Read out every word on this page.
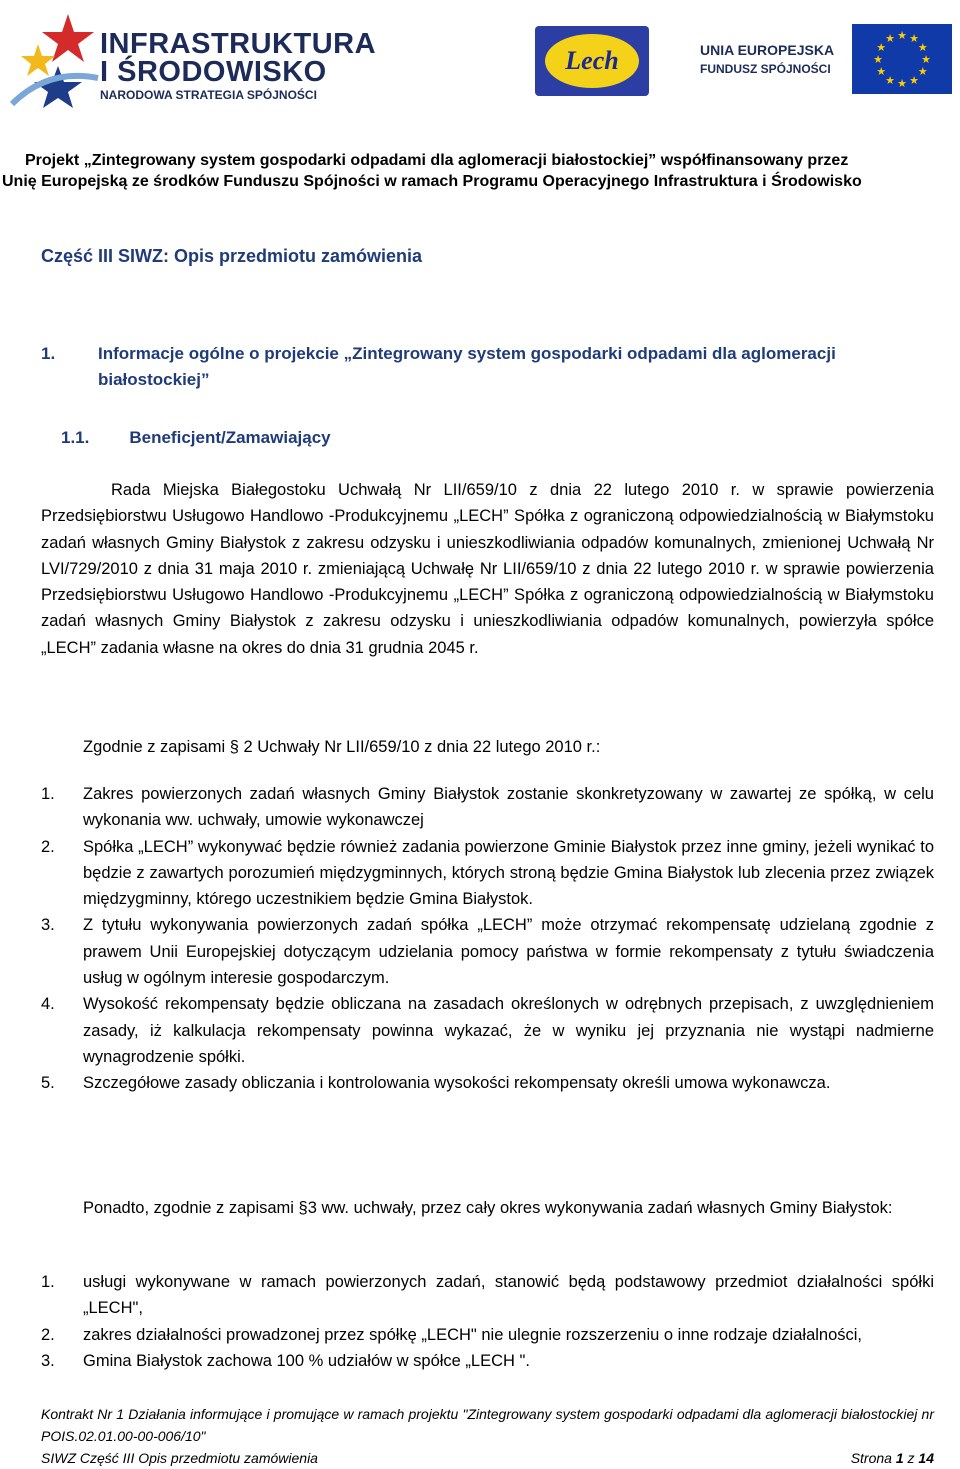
INFRASTRUKTURA
I ŚRODOWISKO
NARODOWA STRATEGIA SPÓJNOŚCI
Lech	UNIA EUROPEJSKA
FUNDUSZ SPÓJNOŚCI
★
★
★
★
★
★
★
★
★ ★ ★
★
Projekt „Zintegrowany system gospodarki odpadami dla aglomeracji białostockiej” współfinansowany przez
Unię Europejską ze środków Funduszu Spójności w ramach Programu Operacyjnego Infrastruktura i Środowisko
Część III SIWZ: Opis przedmiotu zamówienia
1.	Informacje ogólne o projekcie „Zintegrowany system gospodarki odpadami dla aglomeracji białostockiej”
1.1. Beneficjent/Zamawiający
Rada Miejska Białegostoku Uchwałą Nr LII/659/10 z dnia 22 lutego 2010 r. w sprawie powierzenia Przedsiębiorstwu Usługowo Handlowo -Produkcyjnemu „LECH” Spółka z ograniczoną odpowiedzialnością w Białymstoku zadań własnych Gminy Białystok z zakresu odzysku i unieszkodliwiania odpadów komunalnych, zmienionej Uchwałą Nr LVI/729/2010 z dnia 31 maja 2010 r. zmieniającą Uchwałę Nr LII/659/10 z dnia 22 lutego 2010 r. w sprawie powierzenia Przedsiębiorstwu Usługowo Handlowo -Produkcyjnemu „LECH” Spółka z ograniczoną odpowiedzialnością w Białymstoku zadań własnych Gminy Białystok z zakresu odzysku i unieszkodliwiania odpadów komunalnych, powierzyła spółce „LECH” zadania własne na okres do dnia 31 grudnia 2045 r.
Zgodnie z zapisami § 2 Uchwały Nr LII/659/10 z dnia 22 lutego 2010 r.:
1. Zakres powierzonych zadań własnych Gminy Białystok zostanie skonkretyzowany w zawartej ze spółką, w celu wykonania ww. uchwały, umowie wykonawczej
2. Spółka „LECH” wykonywać będzie również zadania powierzone Gminie Białystok przez inne gminy, jeżeli wynikać to będzie z zawartych porozumień międzygminnych, których stroną będzie Gmina Białystok lub zlecenia przez związek międzygminny, którego uczestnikiem będzie Gmina Białystok.
3. Z tytułu wykonywania powierzonych zadań spółka „LECH” może otrzymać rekompensatę udzielaną zgodnie z prawem Unii Europejskiej dotyczącym udzielania pomocy państwa w formie rekompensaty z tytułu świadczenia usług w ogólnym interesie gospodarczym.
4. Wysokość rekompensaty będzie obliczana na zasadach określonych w odrębnych przepisach, z uwzględnieniem zasady, iż kalkulacja rekompensaty powinna wykazać, że w wyniku jej przyznania nie wystąpi nadmierne wynagrodzenie spółki.
5. Szczegółowe zasady obliczania i kontrolowania wysokości rekompensaty określi umowa wykonawcza.
Ponadto, zgodnie z zapisami §3 ww. uchwały, przez cały okres wykonywania zadań własnych Gminy Białystok:
1. usługi wykonywane w ramach powierzonych zadań, stanowić będą podstawowy przedmiot działalności spółki „LECH",
2. zakres działalności prowadzonej przez spółkę „LECH" nie ulegnie rozszerzeniu o inne rodzaje działalności,
3. Gmina Białystok zachowa 100 % udziałów w spółce „LECH ".
Kontrakt Nr 1 Działania informujące i promujące w ramach projektu "Zintegrowany system gospodarki odpadami dla aglomeracji białostockiej nr POIS.02.01.00-00-006/10"
SIWZ Część III Opis przedmiotu zamówienia	Strona 1 z 14
